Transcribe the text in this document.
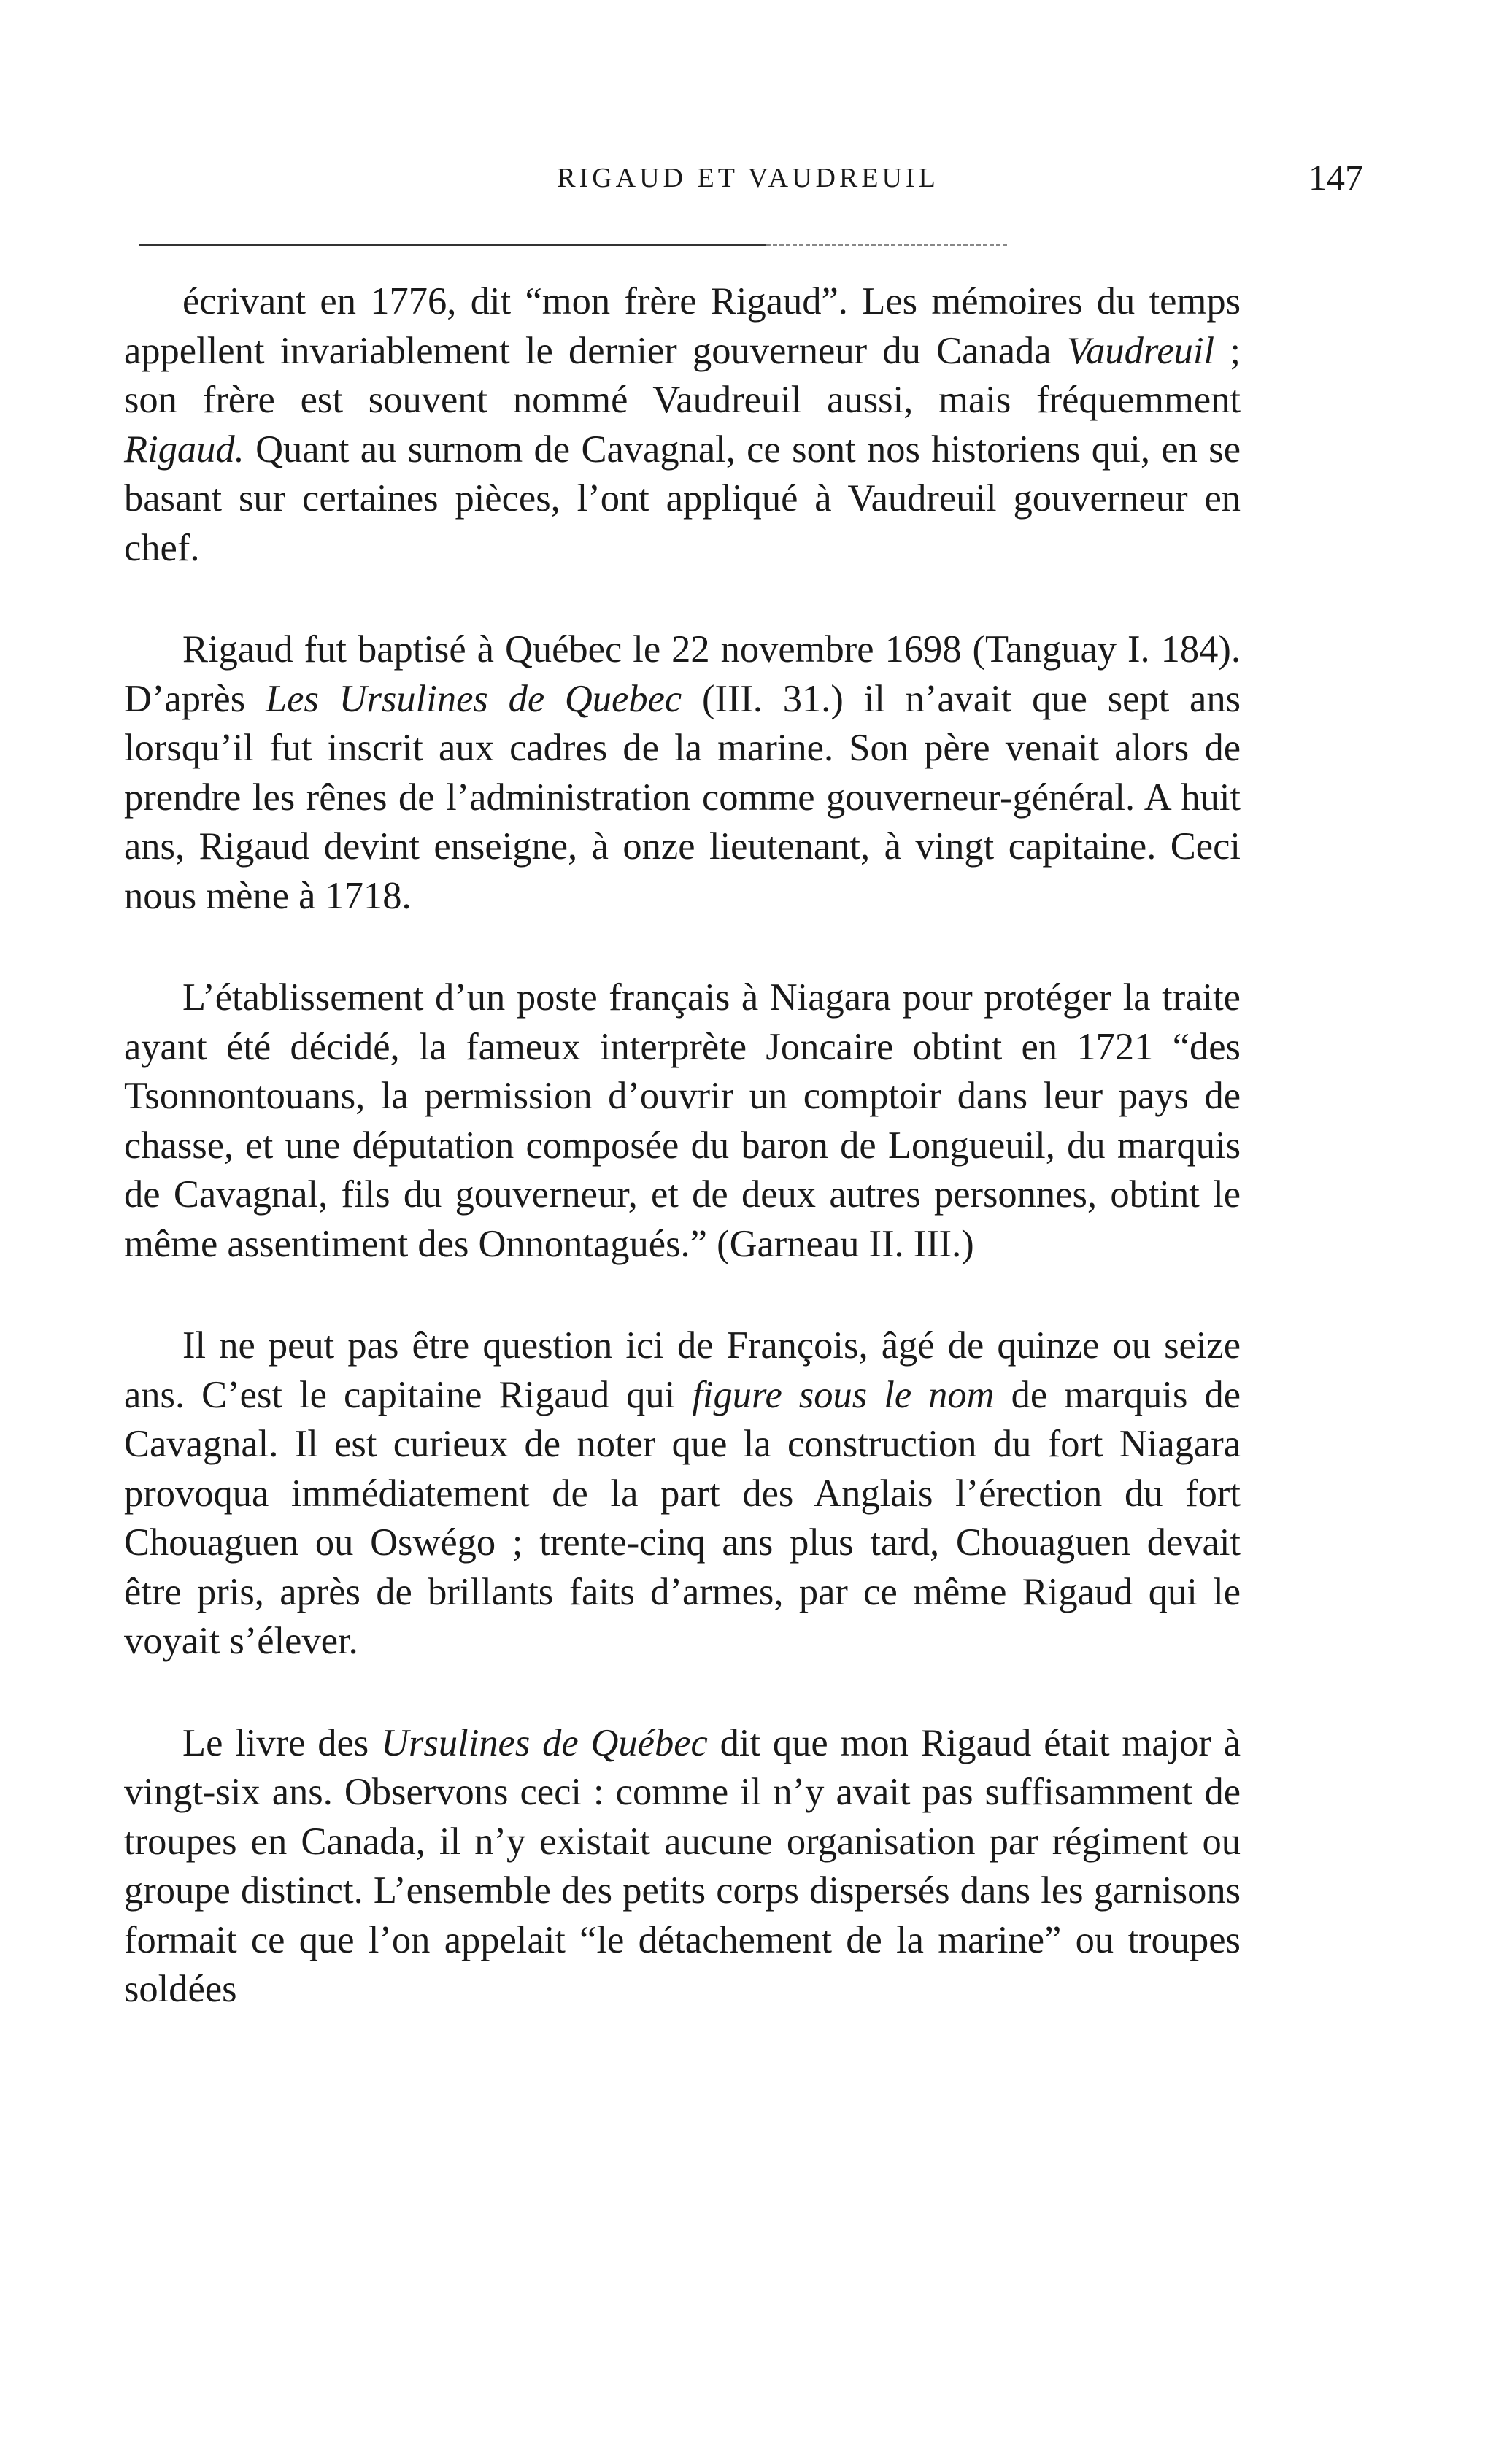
RIGAUD ET VAUDREUIL	147

écrivant en 1776, dit “mon frère Rigaud”. Les mémoires du temps appellent invariablement le dernier gouverneur du Canada Vaudreuil ; son frère est souvent nommé Vaudreuil aussi, mais fréquemment Rigaud. Quant au surnom de Cavagnal, ce sont nos historiens qui, en se basant sur certaines pièces, l’ont appliqué à Vaudreuil gouverneur en chef.

Rigaud fut baptisé à Québec le 22 novembre 1698 (Tanguay I. 184). D’après Les Ursulines de Quebec (III. 31.) il n’avait que sept ans lorsqu’il fut inscrit aux cadres de la marine. Son père venait alors de prendre les rênes de l’administration comme gouverneur-général. A huit ans, Rigaud devint enseigne, à onze lieutenant, à vingt capitaine. Ceci nous mène à 1718.

L’établissement d’un poste français à Niagara pour protéger la traite ayant été décidé, la fameux interprète Joncaire obtint en 1721 “des Tsonnontouans, la permission d’ouvrir un comptoir dans leur pays de chasse, et une députation composée du baron de Longueuil, du marquis de Cavagnal, fils du gouverneur, et de deux autres personnes, obtint le même assentiment des Onnontagués.” (Garneau II. III.)

Il ne peut pas être question ici de François, âgé de quinze ou seize ans. C’est le capitaine Rigaud qui figure sous le nom de marquis de Cavagnal. Il est curieux de noter que la construction du fort Niagara provoqua immédiatement de la part des Anglais l’érection du fort Chouaguen ou Oswégo ; trente-cinq ans plus tard, Chouaguen devait être pris, après de brillants faits d’armes, par ce même Rigaud qui le voyait s’élever.

Le livre des Ursulines de Québec dit que mon Rigaud était major à vingt-six ans. Observons ceci : comme il n’y avait pas suffisamment de troupes en Canada, il n’y existait aucune organisation par régiment ou groupe distinct. L’ensemble des petits corps dispersés dans les garnisons formait ce que l’on appelait “le détachement de la marine” ou troupes soldées
